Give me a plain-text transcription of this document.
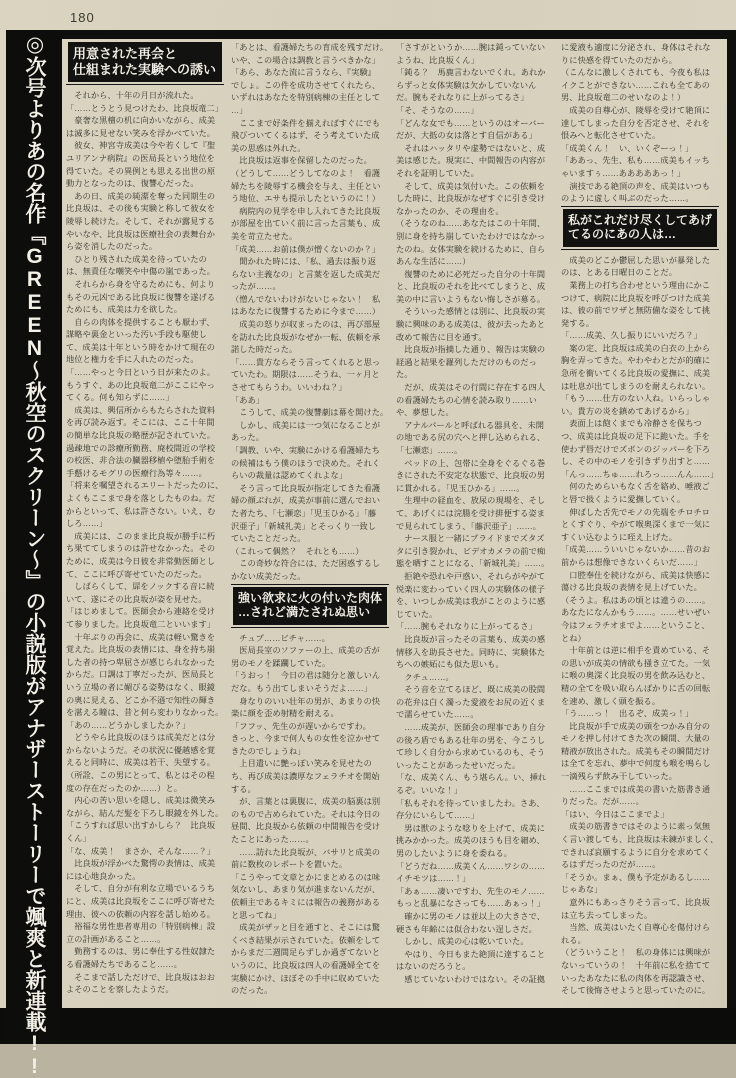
180
◎次号よりあの名作『GREEN〜秋空のスクリーン〜』の小説版がアナザーストーリーで颯爽と新連載!!	用意された再会と
仕組まれた実験への誘い
　それから、十年の月日が流れた。
「……とうとう見つけたわ、比良坂竜二」
　豪奢な黒檀の机に向かいながら、成美
は滅多に見せない笑みを浮かべていた。
　彼女、神宮寺成美は今や若くして『聖
ユリアンナ病院』の医局長という地位を
得ていた。その異例とも思える出世の原
動力となったのは、復讐心だった。
　あの日、成美の純潔を奪った同期生の
比良坂は、その後も実験と称して彼女を
陵辱し続けた。そして、それが露見する
やいなや、比良坂は医療社会の表舞台か
ら姿を消したのだった。
　ひとり残された成美を待っていたの
は、無責任な嘲笑や中傷の嵐であった。
　それらから身を守るためにも、何より
もその元凶である比良坂に復讐を遂げる
ためにも、成美は力を欲した。
　自らの肉体を提供することも厭わず、
謀略や裏金といった汚い手段も駆使し
て、成美は十年という時をかけて現在の
地位と権力を手に入れたのだった。
「……やっと今日という日が来たのよ。
もうすぐ、あの比良坂竜二がここにやっ
てくる。何も知らずに……」
　成美は、興信所からもたらされた資料
を再び読み返す。そこには、ここ十年間
の簡単な比良坂の略歴が記されていた。
過疎地での診療所勤務、廃校間近の学校
の校医、非合法の臓器移植や堕胎手術を
手懸けるモグリの医療行為等々……。
「将来を嘱望されるエリートだったのに、
よくもここまで身を落としたものね。だ
からといって、私は許さない。いえ、む
しろ……」
　成美には、このまま比良坂が勝手に朽
ち果ててしまうのは許せなかった。その
ために、成美は今日彼を非常勤医師とし
て、ここに呼び寄せていたのだった。
　しばらくして、扉をノックする音に続
いて、遂にその比良坂が姿を見せた。
「はじめまして。医師会から連絡を受け
て参りました。比良坂竜二といいます」
　十年ぶりの再会に、成美は軽い驚きを
覚えた。比良坂の表情には、身を持ち崩
した者の持つ卑屈さが感じられなかった
からだ。口調は丁寧だったが、医局長と
いう立場の者に媚びる姿勢はなく、眼鏡
の奥に見える、どこか不遜で知性の輝き
を湛える瞳は、昔と何ら変わりなかった。
「あの……どうかしましたか？」
　どうやら比良坂のほうは成美だとは分
からないようだ。その状況に優越感を覚
えると同時に、成美は若干、失望する。
（所詮、この男にとって、私とはその程
度の存在だったのか……）と。
　内心の苦い思いを隠し、成美は微笑み
ながら、結んだ髪を下ろし眼鏡を外した。
「こうすれば思い出すかしら？　比良坂
くん」
「な、成美！　まさか、そんな……？」
　比良坂が浮かべた驚愕の表情は、成美
には心地良かった。
　そして、自分が有利な立場でいるうち
にと、成美は比良坂をここに呼び寄せた
理由、彼への依頼の内容を話し始める。
　裕福な男性患者専用の「特別病棟」設
立の計画があること……。
　勤務するのは、男に奉仕する性奴隷た
る看護婦たちであること……。
　そこまで話しただけで、比良坂はおお
よそのことを察したようだ。
「あとは、看護婦たちの育成を残すだけ。
いや、この場合は調教と言うべきかな」
「あら、あなた流に言うなら、『実験』
でしょ。この件を成功させてくれたら、
いずれはあなたを特別病棟の主任として
…」
　ここまで好条件を揃えればすぐにでも
飛びついてくるはず、そう考えていた成
美の思惑は外れた。
　比良坂は返事を保留したのだった。
（どうして……どうしてなのよ！　看護
婦たちを陵辱する機会を与え、主任とい
う地位、エサも提示したというのに！）
　病院内の見学を申し入れてきた比良坂
が部屋を出ていく前に言った言葉も、成
美を苛立たせた。
「成美……お前は僕が憎くないのか？」
　聞かれた時には、「私、過去は振り返
らない主義なの」と言葉を返した成美だ
ったが……。
（憎んでないわけがないじゃない！　私
はあなたに復讐するために今まで……）
　成美の怒りが収まったのは、再び部屋
を訪れた比良坂がなぜか一転、依頼を承
諾した時だった。
「……貴方ならそう言ってくれると思っ
ていたわ。期限は……そうね、一ヶ月と
させてもらうわ。いいわね？」
「ああ」
　こうして、成美の復讐劇は幕を開けた。
　しかし、成美には一つ気になることが
あった。
「調教、いや、実験にかける看護婦たち
の候補はもう僕のほうで決めた。それく
らいの裁量は認めてくれよな」
　そう言って比良坂が指定してきた看護
婦の顔ぶれが、成美が事前に選んでおい
た者たち、「七瀬恋」「児玉ひかる」「藤
沢亜子」「新城礼美」とそっくり一致し
ていたことだった。
（これって偶然？　それとも……）
　この奇妙な符合には、ただ困惑するし
かない成美だった。
強い欲求に火の付いた肉体
…されど満たされぬ思い
　チュプ……ビチャ……。
　医局長室のソファーの上、成美の舌が
男のモノを蹂躙していた。
「うおっ！　今日の君は随分と激しいん
だな。もう出てしまいそうだよ……」
　身なりのいい壮年の男が、あまりの快
楽に顔を歪め射精を耐える。
「フフッ、先生のが遅いからですわ。
きっと、今まで何人もの女性を泣かせて
きたのでしょうね」
　上目遣いに艶っぽい笑みを見せたの
ち、再び成美は濃厚なフェラチオを開始
する。
　が、言葉とは裏腹に、成美の脳裏は別
のもので占められていた。それは今日の
昼間、比良坂から依頼の中間報告を受け
たことにあった……。
　……訪れた比良坂が、バサリと成美の
前に数枚のレポートを置いた。
「こうやって文章とかにまとめるのは味
気ないし、あまり気が進まないんだが、
依頼主であるキミには報告の義務がある
と思ってね」
　成美がザッと目を通すと、そこには驚
くべき結果が示されていた。依頼をして
からまだ二週間足らずしか過ぎてないと
いうのに、比良坂は四人の看護婦全てを
実験にかけ、ほぼその手中に収めていた
のだった。
「さすがというか……腕は鈍っていない
ようね、比良坂くん」
「鈍る？　馬鹿言わないでくれ。あれか
らずっと女体実験は欠かしていないん
だ。腕もそれなりに上がってるさ」
「そ、そうなの……」
「どんな女でも……というのはオーバー
だが、大抵の女は落とす自信がある」
　それはハッタリや虚勢ではないと、成
美は感じた。現実に、中間報告の内容が
それを証明していた。
　そして、成美は気付いた。この依頼を
した時に、比良坂がなぜすぐに引き受け
なかったのか、その理由を。
（そうなのね……あなたはこの十年間、
別に身を持ち崩していたわけではなかっ
たのね。女体実験を続けるために、自ら
あんな生活に……）
　復讐のために必死だった自分の十年間
と、比良坂のそれを比べてしまうと、成
美の中に言いようもない悔しさが募る。
　そういった感情とは別に、比良坂の実
験に興味のある成美は、彼が去ったあと
改めて報告に目を通す。
　比良坂が指摘した通り、報告は実験の
経過と結果を羅列しただけのものだっ
た。
　だが、成美はその行間に存在する四人
の看護婦たちの心情を読み取り……い
や、夢想した。
　アナルパールと呼ばれる器具を、未開
の地である尻の穴へと押し込められる、
「七瀬恋」……。
　ベッドの上、包帯に全身をぐるぐる巻
きにされた不安定な状態で、比良坂の男
に貫かれる。「児玉ひかる」……。
　生理中の経血を、放尿の現場を、そし
て、あげくには浣腸を受け排便する姿ま
で見られてしまう、「藤沢亜子」……。
　ナース服と一緒にプライドまでズタズ
タに引き裂かれ、ビデオカメラの前で痴
態を晒すことになる、「新城礼美」……。
　拒絶や恐れや戸惑い、それらがやがて
悦楽に変わっていく四人の実験体の様子
を、いつしか成美は我がことのように感
じていた。
「……腕もそれなりに上がってるさ」
　比良坂が言ったその言葉も、成美の感
情移入を助長させた。同時に、実験体た
ちへの嫉妬にも似た思いも。
　クチュ……。
　そう音を立てるほど、既に成美の股間
の花弁は白く濁った愛液をお尻の近くま
で濡らせていた……。
　……成美が、医師会の理事であり自分
の後ろ盾でもある壮年の男を、今こうし
て珍しく自分から求めているのも、そう
いったことがあったせいだった。
「な、成美くん、もう堪らん。い、挿れ
るぞ。いいな！」
「私もそれを待っていましたわ。さあ、
存分にいらして……」
　男は獣のような唸りを上げて、成美に
挑みかかった。成美のほうも目を細め、
男のしたいように身を委ねる。
「どうだね……成美くん……ワシの……
イチモツは……！」
「あぁ……凄いですわ、先生のモノ……
もっと乱暴になさっても……あぁっ！」
　確かに男のモノは並以上の大きさで、
硬さも年齢には似合わない逞しさだ。
　しかし、成美の心は乾いていた。
　やはり、今日もまた絶頂に達すること
はないのだろうと。
　感じていないわけではない。その証拠
に愛液も適度に分泌され、身体はそれな
りに快感を得ていたのだから。
（こんなに激しくされても、今夜も私は
イクことができない……これも全てあの
男、比良坂竜二のせいなのよ！）
　成美の自尊心が、陵辱を受けて絶頂に
達してしまった自分を否定させ、それを
恨みへと転化させていた。
「成美くん！　い、いくぞーっ！」
「ああっ、先生、私も……成美もイッち
ゃいますぅ……あああああっ！」
　演技である絶頂の声を、成美はいつも
のように虚しく叫ぶのだった……。
私がこれだけ尽くしてあげ
てるのにあの人は…
　成美のどこか鬱屈した思いが暴発した
のは、とある日曜日のことだ。
　業務上の打ち合わせという理由にかこ
つけて、病院に比良坂を呼びつけた成美
は、彼の前でワザと無防備な姿をして挑
発する。
「……成美、久し振りにいいだろ？」
　案の定、比良坂は成美の白衣の上から
胸を弄ってきた。やわやわとだが的確に
急所を衝いてくる比良坂の愛撫に、成美
は吐息が出てしまうのを耐えられない。
「もう……仕方のない人ね。いらっしゃ
い。貴方の炎を鎮めてあげるから」
　表面上は飽くまでも冷静さを保ちつ
つ、成美は比良坂の足下に跪いた。手を
使わず唇だけでズボンのジッパーを下ろ
し、その中のモノを引きずり出すと……
「んっ……ちゅ……れろっ……んん……」
　何のためらいもなく舌を絡め、唾液ご
と唇で扱くように愛撫していく。
　伸ばした舌先でモノの先端をチロチロ
とくすぐり、やがて喉奥深くまで一気に
すくい込むように咥え上げた。
「成美……ういいじゃないか……昔のお
前からは想像できないくらいだ……」
　口腔奉仕を続けながら、成美は快感に
蕩ける比良坂の表情を見上げていた。
（そうよ。私はあの頃とは違うの……。
あなたになんかもう……。……せいぜい
今はフェラチオまでよ……ということ、
とね）
　十年前とは逆に相手を責めている、そ
の思いが成美の情欲も掻き立てた。一気
に喉の奥深く比良坂の男を飲み込むと、
精の全てを吸い取らんばかりに舌の回転
を速め、激しく頭を振る。
「う……っ！　出るぞ、成美っ！」
　比良坂が手で成美の頭をつかみ自分の
モノを押し付けてきた次の瞬間、大量の
精液が放出された。成美もその瞬間だけ
は全てを忘れ、夢中で何度も喉を鳴らし
一滴残らず飲み干していった。
　……ここまでは成美の書いた筋書き通
りだった。だが……。
「はい、今日はここまでよ」
　成美の筋書きではそのように素っ気無
く言い渡しても、比良坂は未練がましく、
できれば哀願するように自分を求めてく
るはずだったのだが……。
「そうか。まぁ、僕も予定があるし……
じゃあな」
　意外にもあっさりそう言って、比良坂
は立ち去ってしまった。
　当然、成美はいたく自尊心を傷付けら
れる。
（どういうこと！　私の身体には興味が
ないっていうの！　十年前に私を捨てて
いったあなたに私の肉体を再認識させ、
そして後悔させようと思っていたのに。
